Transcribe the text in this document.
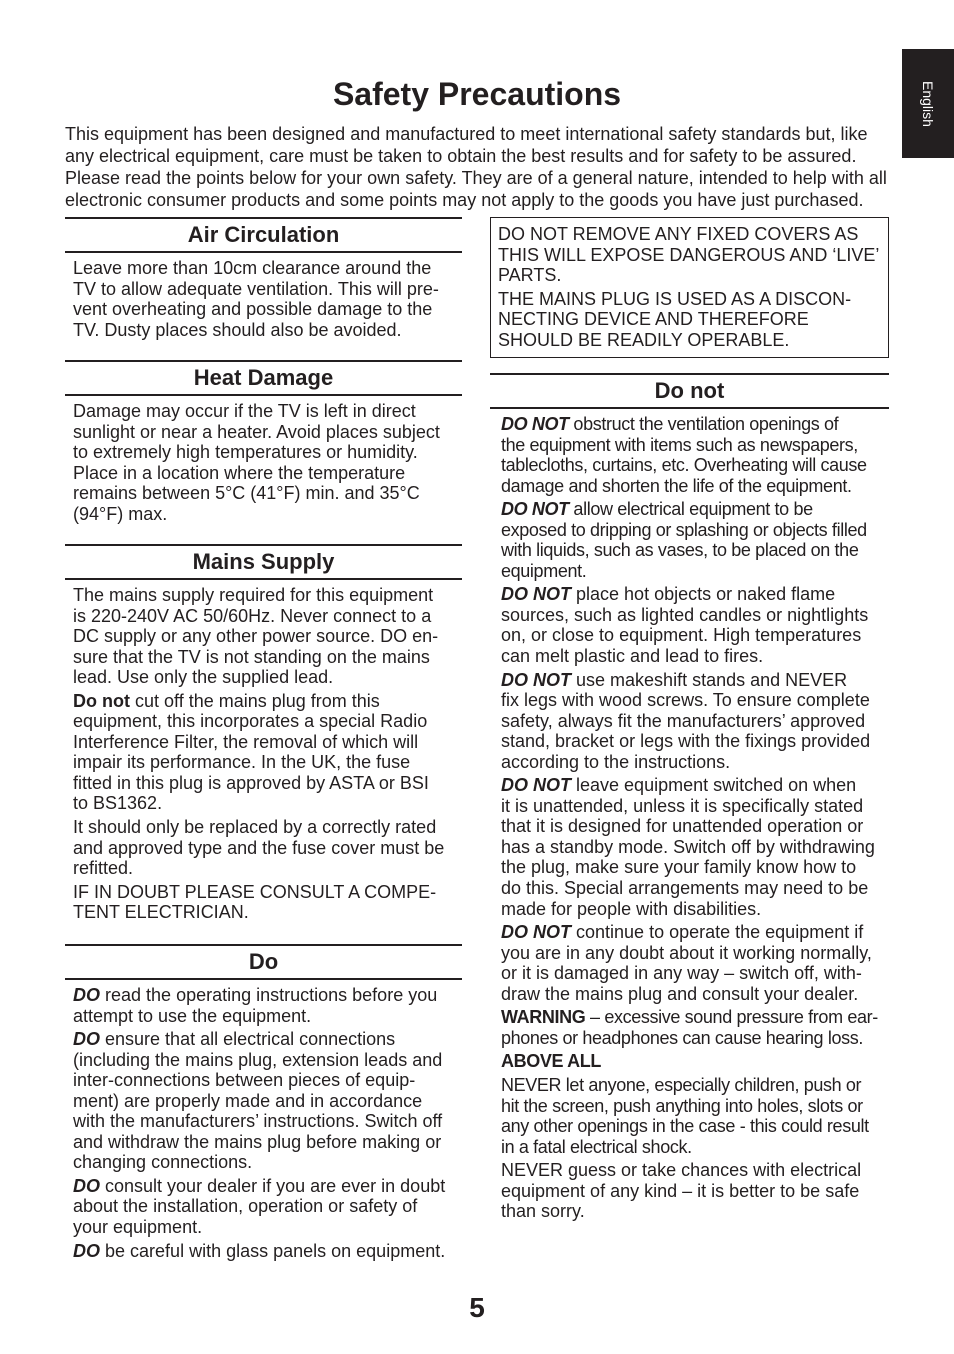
Safety Precautions	English

This equipment has been designed and manufactured to meet international safety standards but, like
any electrical equipment, care must be taken to obtain the best results and for safety to be assured.

Please read the points below for your own safety. They are of a general nature, intended to help with all
electronic consumer products and some points may not apply to the goods you have just purchased.

Air Circulation

Leave more than 10cm clearance around the
TV to allow adequate ventilation. This will pre-
vent overheating and possible damage to the
TV. Dusty places should also be avoided.

Heat Damage

Damage may occur if the TV is left in direct
sunlight or near a heater. Avoid places subject
to extremely high temperatures or humidity.
Place in a location where the temperature
remains between 5°C (41°F) min. and 35°C
(94°F) max.

Mains Supply

The mains supply required for this equipment
is 220-240V AC 50/60Hz. Never connect to a
DC supply or any other power source. DO en-
sure that the TV is not standing on the mains
lead. Use only the supplied lead.

Do not cut off the mains plug from this
equipment, this incorporates a special Radio
Interference Filter, the removal of which will
impair its performance. In the UK, the fuse
fitted in this plug is approved by ASTA or BSI
to BS1362.

It should only be replaced by a correctly rated
and approved type and the fuse cover must be
refitted.

IF IN DOUBT PLEASE CONSULT A COMPE-
TENT ELECTRICIAN.

Do

DO read the operating instructions before you
attempt to use the equipment.

DO ensure that all electrical connections
(including the mains plug, extension leads and
inter-connections between pieces of equip-
ment) are properly made and in accordance
with the manufacturers’ instructions. Switch off
and withdraw the mains plug before making or
changing connections.

DO consult your dealer if you are ever in doubt
about the installation, operation or safety of
your equipment.

DO be careful with glass panels on equipment.

DO NOT REMOVE ANY FIXED COVERS AS
THIS WILL EXPOSE DANGEROUS AND ‘LIVE’
PARTS.

THE MAINS PLUG IS USED AS A DISCON-
NECTING DEVICE AND THEREFORE
SHOULD BE READILY OPERABLE.

Do not

DO NOT obstruct the ventilation openings of
the equipment with items such as newspapers,
tablecloths, curtains, etc. Overheating will cause
damage and shorten the life of the equipment.

DO NOT allow electrical equipment to be
exposed to dripping or splashing or objects filled
with liquids, such as vases, to be placed on the
equipment.

DO NOT place hot objects or naked flame
sources, such as lighted candles or nightlights
on, or close to equipment. High temperatures
can melt plastic and lead to fires.

DO NOT use makeshift stands and NEVER
fix legs with wood screws. To ensure complete
safety, always fit the manufacturers’ approved
stand, bracket or legs with the fixings provided
according to the instructions.

DO NOT leave equipment switched on when
it is unattended, unless it is specifically stated
that it is designed for unattended operation or
has a standby mode. Switch off by withdrawing
the plug, make sure your family know how to
do this. Special arrangements may need to be
made for people with disabilities.

DO NOT continue to operate the equipment if
you are in any doubt about it working normally,
or it is damaged in any way – switch off, with-
draw the mains plug and consult your dealer.

WARNING – excessive sound pressure from ear-
phones or headphones can cause hearing loss.

ABOVE ALL

NEVER let anyone, especially children, push or
hit the screen, push anything into holes, slots or
any other openings in the case - this could result
in a fatal electrical shock.

NEVER guess or take chances with electrical
equipment of any kind – it is better to be safe
than sorry.

5
